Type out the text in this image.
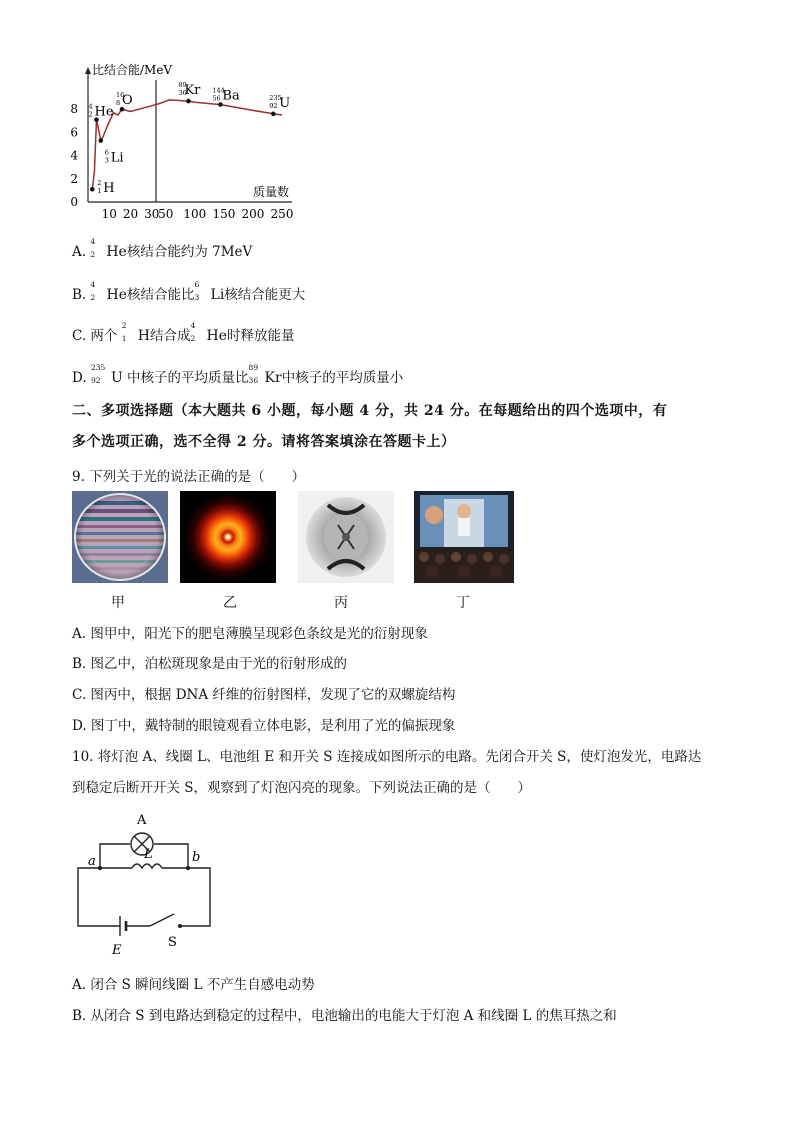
0
2
4
6
8
10 20 30
50 100 150 200 250
比结合能/MeV
质量数
2
1 H
6
3 Li
4
2 He
16
8 O
89
36
Kr 144
56 Ba	235
92 U
A.
4
2 He核结合能约为 7MeV
B.
4
2 He核结合能比
6
3 Li核结合能更大
C. 两个
2
1 H结合成
4
2 He时释放能量
D.
235
92 U 中核子的平均质量比
89
36 Kr中核子的平均质量小
二、多项选择题（本大题共 6 小题，每小题 4 分，共 24 分。在每题给出的四个选项中，有
多个选项正确，选不全得 2 分。请将答案填涂在答题卡上）
9. 下列关于光的说法正确的是（　　）
甲	乙	丙	丁
A. 图甲中，阳光下的肥皂薄膜呈现彩色条纹是光的衍射现象
B. 图乙中，泊松斑现象是由于光的衍射形成的
C. 图丙中，根据 DNA 纤维的衍射图样，发现了它的双螺旋结构
D. 图丁中，戴特制的眼镜观看立体电影，是利用了光的偏振现象
10. 将灯泡 A、线圈 L、电池组 E 和开关 S 连接成如图所示的电路。先闭合开关 S，使灯泡发光，电路达
到稳定后断开开关 S，观察到了灯泡闪亮的现象。下列说法正确的是（　　）
A
L
E
S
a	b
A. 闭合 S 瞬间线圈 L 不产生自感电动势
B. 从闭合 S 到电路达到稳定的过程中，电池输出的电能大于灯泡 A 和线圈 L 的焦耳热之和
